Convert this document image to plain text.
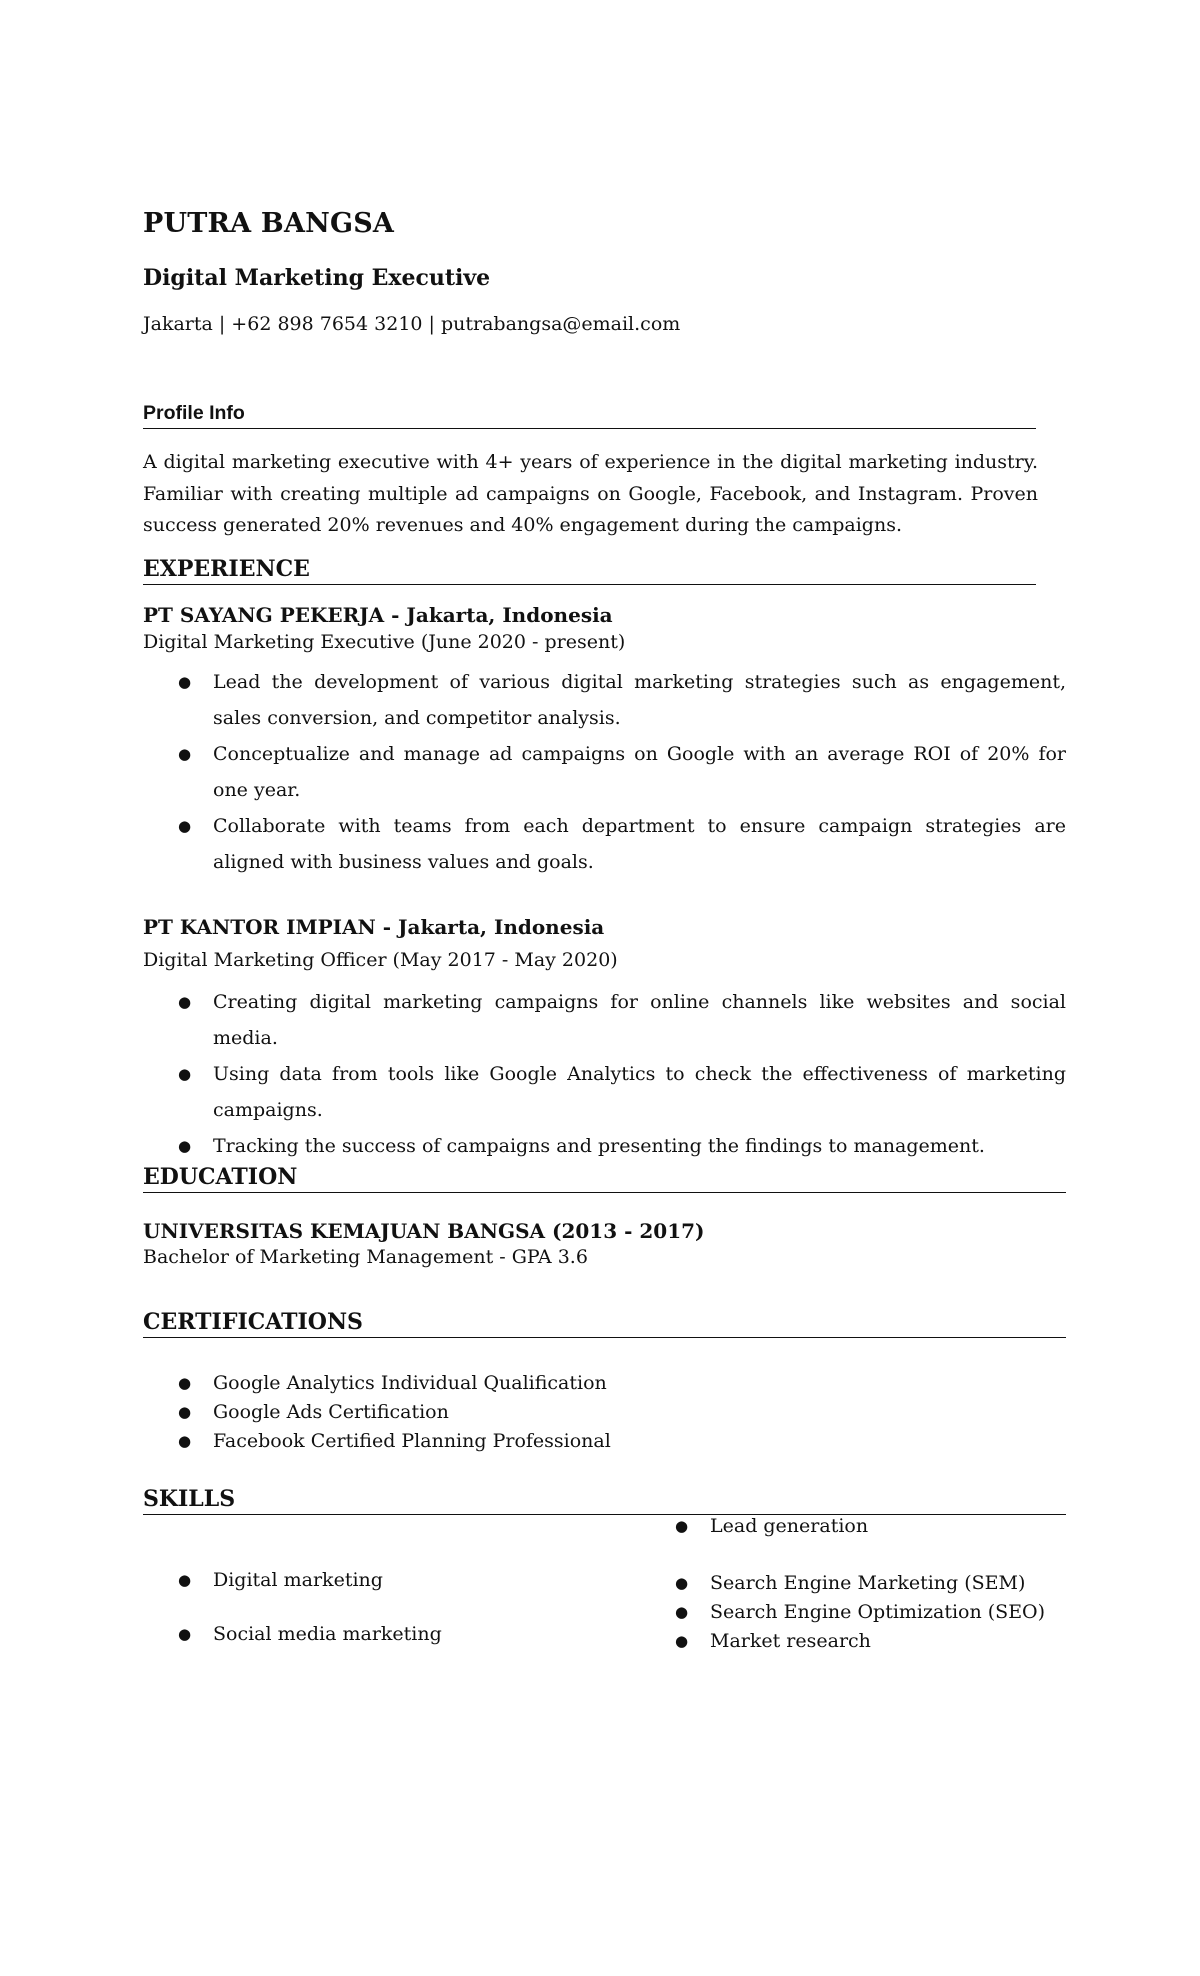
PUTRA BANGSA
Digital Marketing Executive
Jakarta | +62 898 7654 3210 | putrabangsa@email.com
Profile Info
A digital marketing executive with 4+ years of experience in the digital marketing industry. Familiar with creating multiple ad campaigns on Google, Facebook, and Instagram. Proven success generated 20% revenues and 40% engagement during the campaigns.
EXPERIENCE
PT SAYANG PEKERJA - Jakarta, Indonesia
Digital Marketing Executive (June 2020 - present)
● Lead the development of various digital marketing strategies such as engagement, sales conversion, and competitor analysis.
● Conceptualize and manage ad campaigns on Google with an average ROI of 20% for one year.
● Collaborate with teams from each department to ensure campaign strategies are aligned with business values and goals.
PT KANTOR IMPIAN - Jakarta, Indonesia
Digital Marketing Officer (May 2017 - May 2020)
● Creating digital marketing campaigns for online channels like websites and social media.
● Using data from tools like Google Analytics to check the effectiveness of marketing campaigns.
● Tracking the success of campaigns and presenting the findings to management.
EDUCATION
UNIVERSITAS KEMAJUAN BANGSA (2013 - 2017)
Bachelor of Marketing Management - GPA 3.6
CERTIFICATIONS
● Google Analytics Individual Qualification
● Google Ads Certification
● Facebook Certified Planning Professional
SKILLS
● Digital marketing
● Social media marketing
● Lead generation
● Search Engine Marketing (SEM)
● Search Engine Optimization (SEO)
● Market research
